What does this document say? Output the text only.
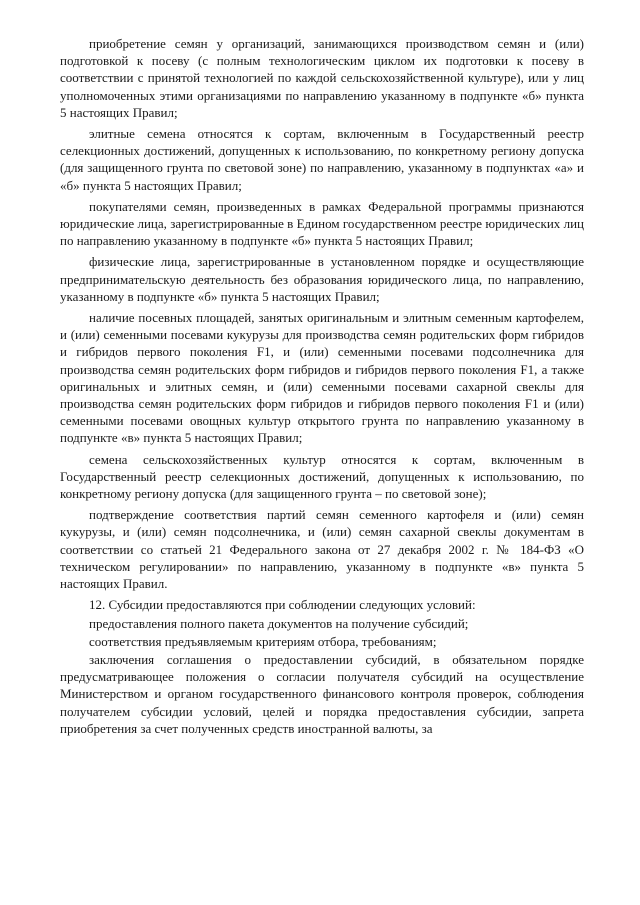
приобретение семян у организаций, занимающихся производством семян и (или) подготовкой к посеву (с полным технологическим циклом их подготовки к посеву в соответствии с принятой технологией по каждой сельскохозяйственной культуре), или у лиц уполномоченных этими организациями по направлению указанному в подпункте «б» пункта 5 настоящих Правил;

элитные семена относятся к сортам, включенным в Государственный реестр селекционных достижений, допущенных к использованию, по конкретному региону допуска (для защищенного грунта по световой зоне) по направлению, указанному в подпунктах «а» и «б» пункта 5 настоящих Правил;

покупателями семян, произведенных в рамках Федеральной программы признаются юридические лица, зарегистрированные в Едином государственном реестре юридических лиц по направлению указанному в подпункте «б» пункта 5 настоящих Правил;

физические лица, зарегистрированные в установленном порядке и осуществляющие предпринимательскую деятельность без образования юридического лица, по направлению, указанному в подпункте «б» пункта 5 настоящих Правил;

наличие посевных площадей, занятых оригинальным и элитным семенным картофелем, и (или) семенными посевами кукурузы для производства семян родительских форм гибридов и гибридов первого поколения F1, и (или) семенными посевами подсолнечника для производства семян родительских форм гибридов и гибридов первого поколения F1, а также оригинальных и элитных семян, и (или) семенными посевами сахарной свеклы для производства семян родительских форм гибридов и гибридов первого поколения F1 и (или) семенными посевами овощных культур открытого грунта по направлению указанному в подпункте «в» пункта 5 настоящих Правил;

семена сельскохозяйственных культур относятся к сортам, включенным в Государственный реестр селекционных достижений, допущенных к использованию, по конкретному региону допуска (для защищенного грунта – по световой зоне);

подтверждение соответствия партий семян семенного картофеля и (или) семян кукурузы, и (или) семян подсолнечника, и (или) семян сахарной свеклы документам в соответствии со статьей 21 Федерального закона от 27 декабря 2002 г. № 184-ФЗ «О техническом регулировании» по направлению, указанному в подпункте «в» пункта 5 настоящих Правил.

12. Субсидии предоставляются при соблюдении следующих условий:

предоставления полного пакета документов на получение субсидий;

соответствия предъявляемым критериям отбора, требованиям;

заключения соглашения о предоставлении субсидий, в обязательном порядке предусматривающее положения о согласии получателя субсидий на осуществление Министерством и органом государственного финансового контроля проверок, соблюдения получателем субсидии условий, целей и порядка предоставления субсидии, запрета приобретения за счет полученных средств иностранной валюты, за
